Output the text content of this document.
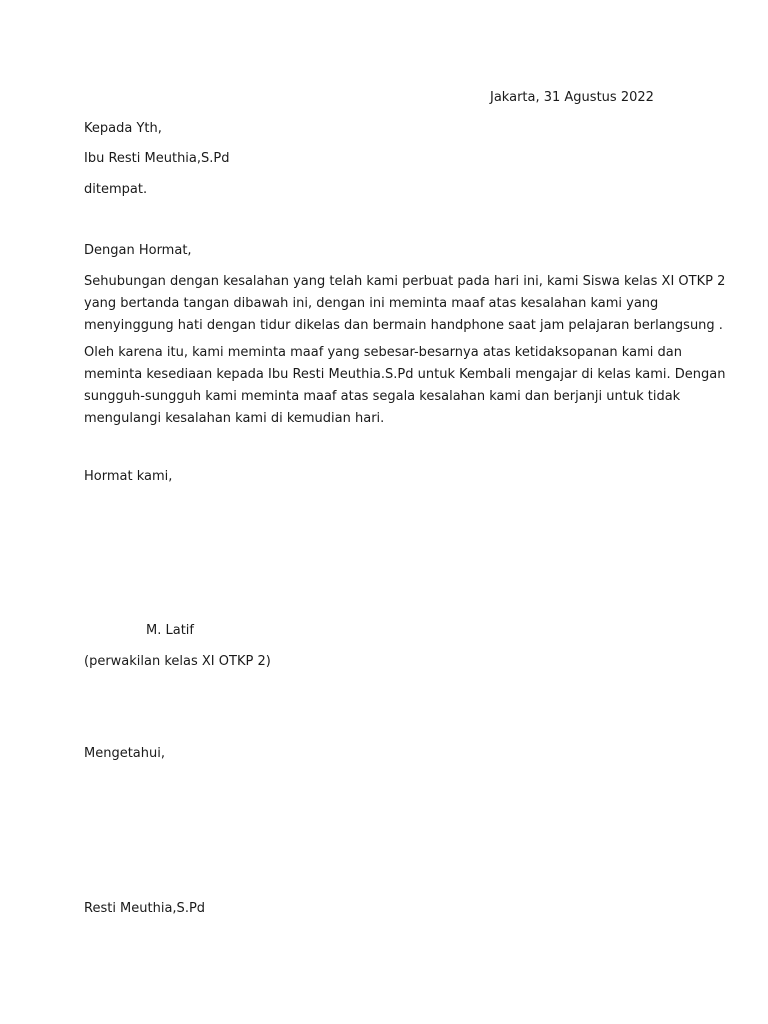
Jakarta, 31 Agustus 2022
Kepada Yth,
Ibu Resti Meuthia,S.Pd
ditempat.
Dengan Hormat,
Sehubungan dengan kesalahan yang telah kami perbuat pada hari ini, kami Siswa kelas XI OTKP 2
yang bertanda tangan dibawah ini, dengan ini meminta maaf atas kesalahan kami yang
menyinggung hati dengan tidur dikelas dan bermain handphone saat jam pelajaran berlangsung .
Oleh karena itu, kami meminta maaf yang sebesar-besarnya atas ketidaksopanan kami dan
meminta kesediaan kepada Ibu Resti Meuthia.S.Pd untuk Kembali mengajar di kelas kami. Dengan
sungguh-sungguh kami meminta maaf atas segala kesalahan kami dan berjanji untuk tidak
mengulangi kesalahan kami di kemudian hari.
Hormat kami,
M. Latif
(perwakilan kelas XI OTKP 2)
Mengetahui,
Resti Meuthia,S.Pd
